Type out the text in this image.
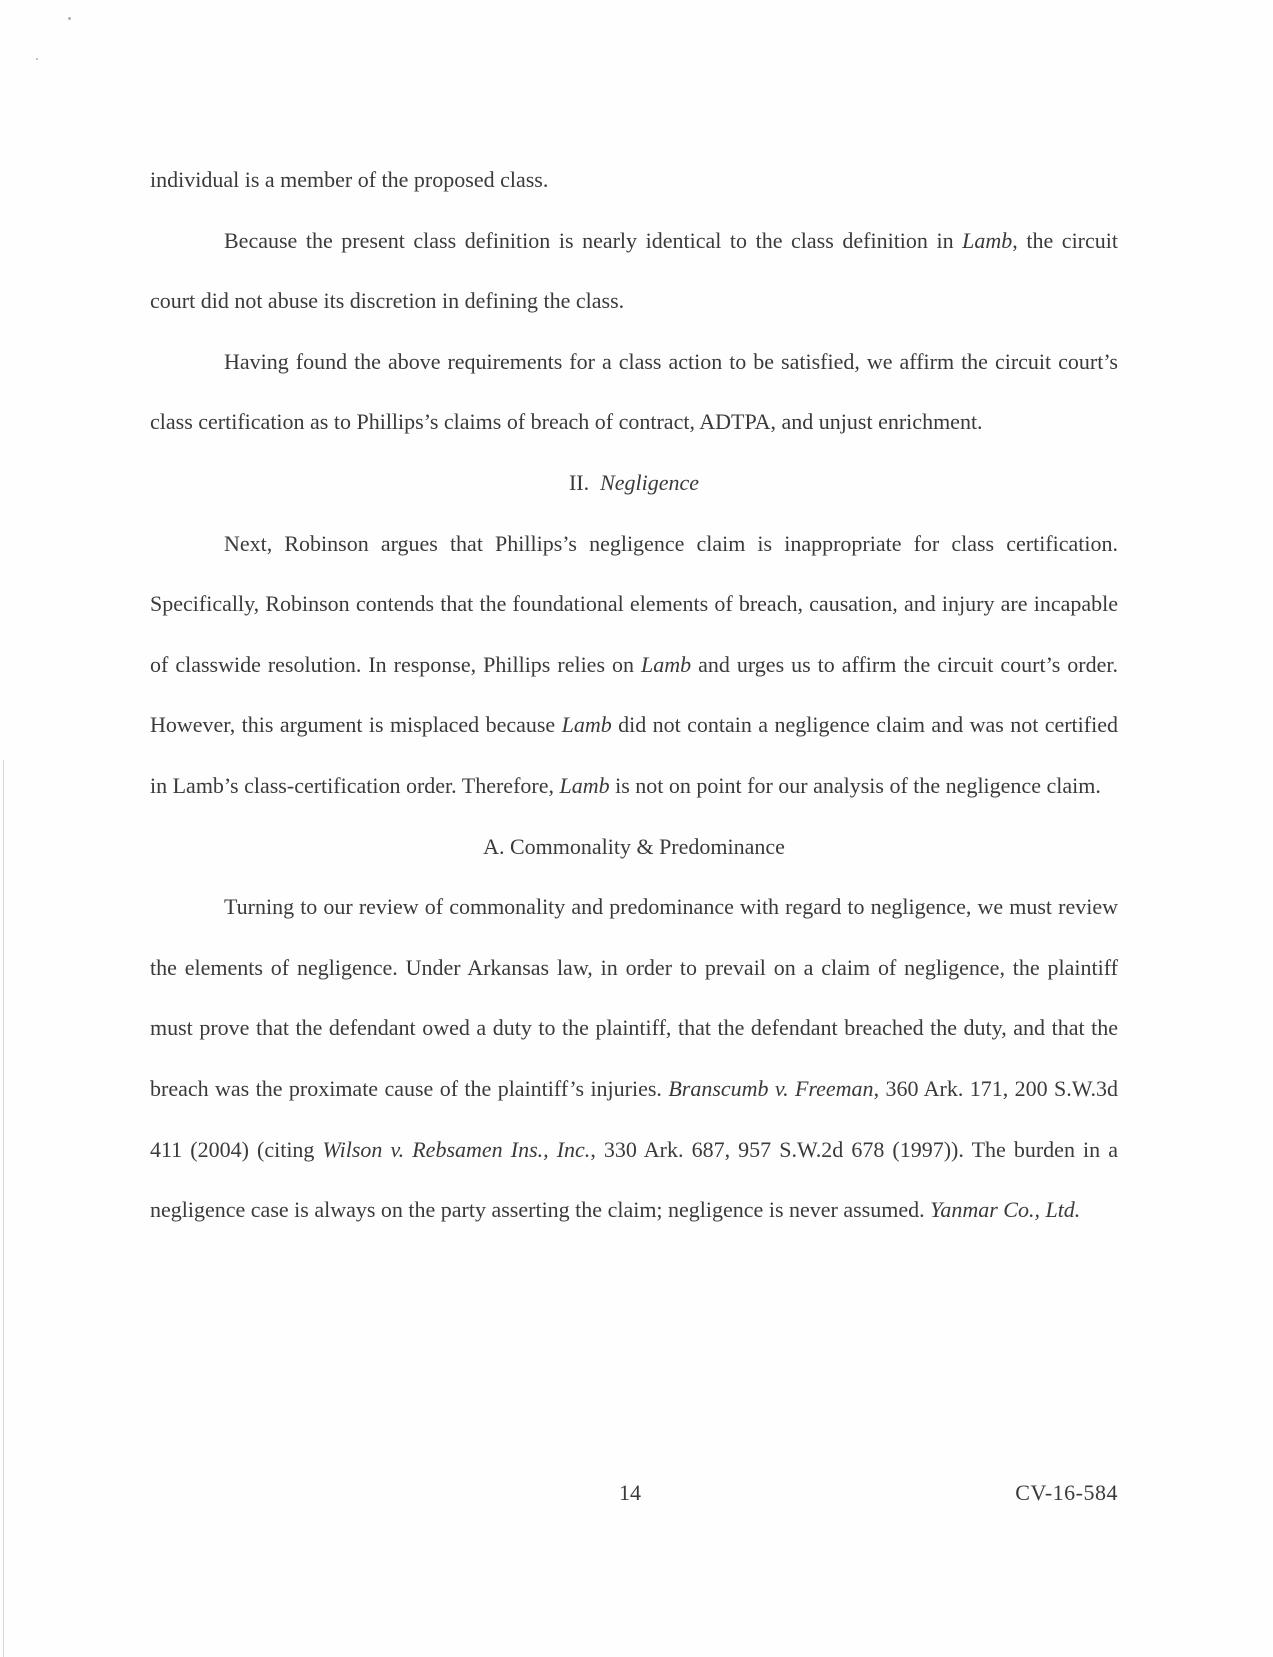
individual is a member of the proposed class.

Because the present class definition is nearly identical to the class definition in Lamb, the circuit court did not abuse its discretion in defining the class.

Having found the above requirements for a class action to be satisfied, we affirm the circuit court’s class certification as to Phillips’s claims of breach of contract, ADTPA, and unjust enrichment.

II. Negligence

Next, Robinson argues that Phillips’s negligence claim is inappropriate for class certification. Specifically, Robinson contends that the foundational elements of breach, causation, and injury are incapable of classwide resolution. In response, Phillips relies on Lamb and urges us to affirm the circuit court’s order. However, this argument is misplaced because Lamb did not contain a negligence claim and was not certified in Lamb’s class-certification order. Therefore, Lamb is not on point for our analysis of the negligence claim.

A. Commonality & Predominance

Turning to our review of commonality and predominance with regard to negligence, we must review the elements of negligence. Under Arkansas law, in order to prevail on a claim of negligence, the plaintiff must prove that the defendant owed a duty to the plaintiff, that the defendant breached the duty, and that the breach was the proximate cause of the plaintiff’s injuries. Branscumb v. Freeman, 360 Ark. 171, 200 S.W.3d 411 (2004) (citing Wilson v. Rebsamen Ins., Inc., 330 Ark. 687, 957 S.W.2d 678 (1997)). The burden in a negligence case is always on the party asserting the claim; negligence is never assumed. Yanmar Co., Ltd.

14	CV-16-584
